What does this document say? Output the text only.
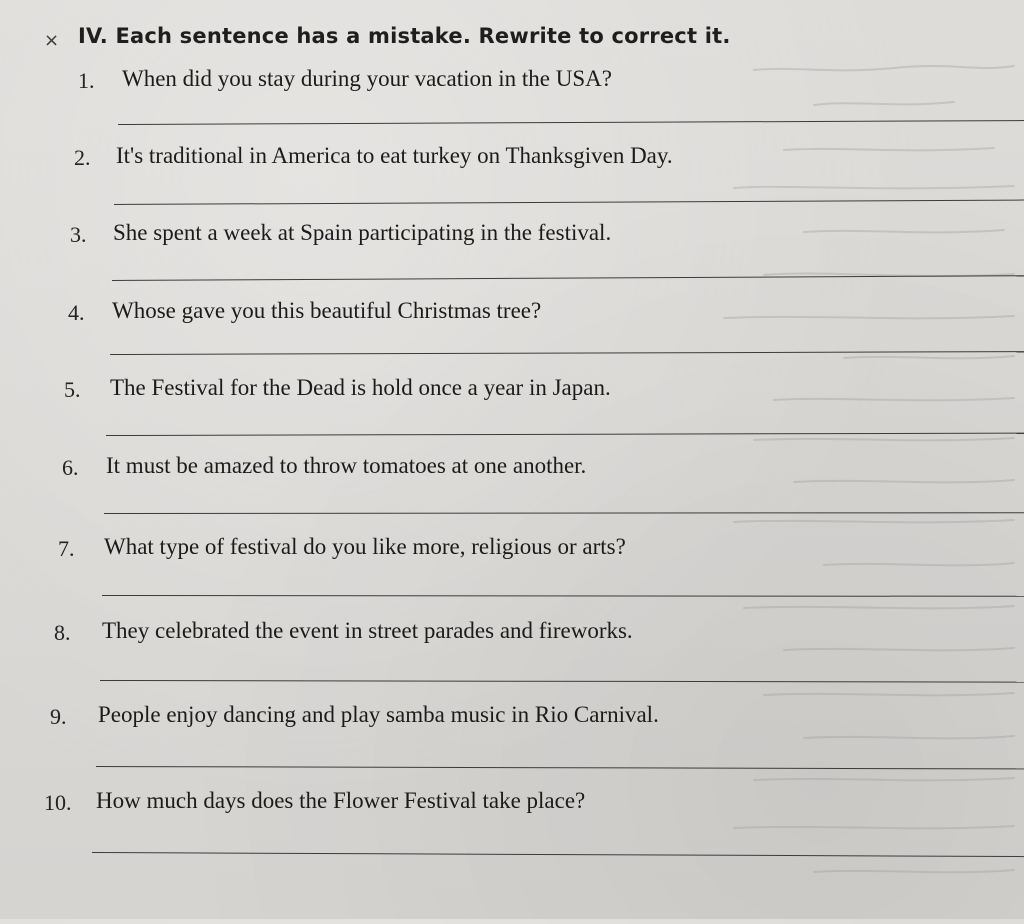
× IV. Each sentence has a mistake. Rewrite to correct it.
1. When did you stay during your vacation in the USA?
2. It's traditional in America to eat turkey on Thanksgiven Day.
3. She spent a week at Spain participating in the festival.
4. Whose gave you this beautiful Christmas tree?
5. The Festival for the Dead is hold once a year in Japan.
6. It must be amazed to throw tomatoes at one another.
7. What type of festival do you like more, religious or arts?
8. They celebrated the event in street parades and fireworks.
9. People enjoy dancing and play samba music in Rio Carnival.
10. How much days does the Flower Festival take place?
